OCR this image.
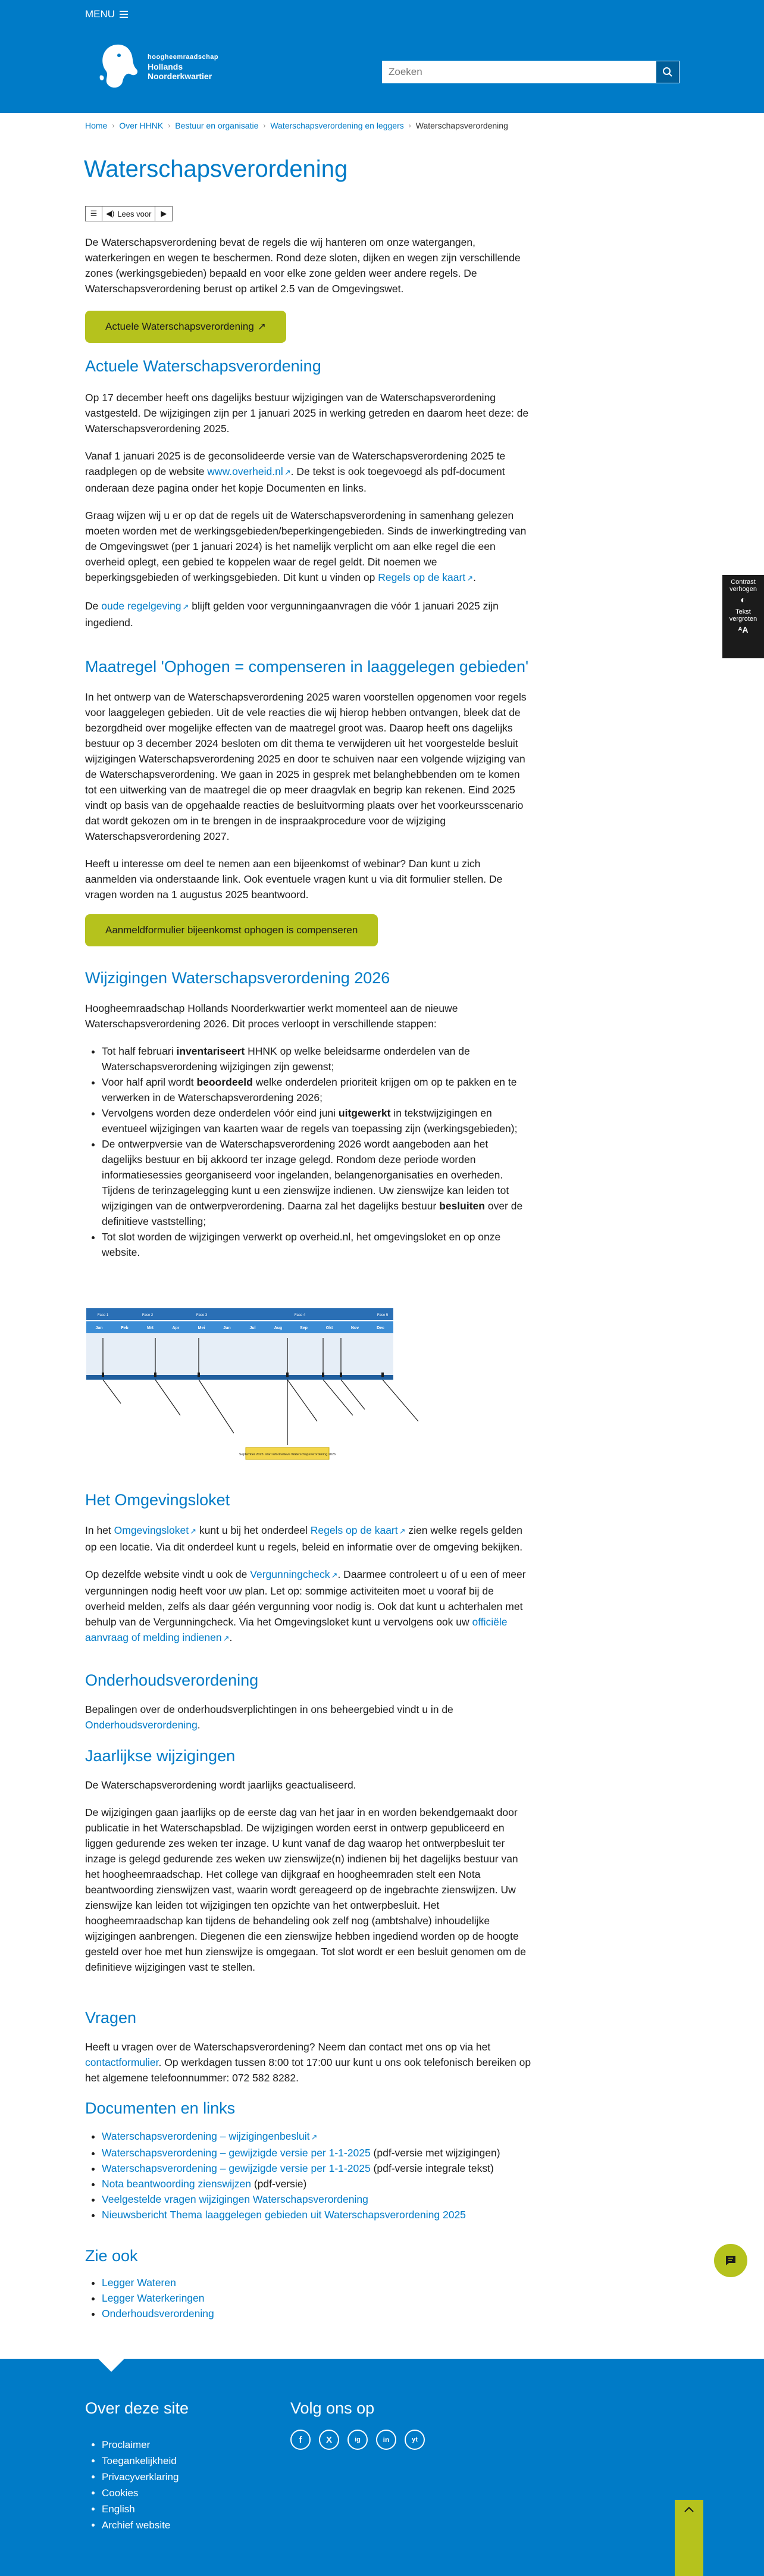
MENU
hoogheemraadschap
Hollands
Noorderkwartier
Zoeken
Home › Over HHNK › Bestuur en organisatie › Waterschapsverordening en leggers › Waterschapsverordening
Waterschapsverordening
☰	◀) Lees voor	▶

De Waterschapsverordening bevat de regels die wij hanteren om onze watergangen, waterkeringen en wegen te beschermen. Rond deze sloten, dijken en wegen zijn verschillende zones (werkingsgebieden) bepaald en voor elke zone gelden weer andere regels. De Waterschapsverordening berust op artikel 2.5 van de Omgevingswet.

Actuele Waterschapsverordening ↗
Actuele Waterschapsverordening

Op 17 december heeft ons dagelijks bestuur wijzigingen van de Waterschapsverordening vastgesteld. De wijzigingen zijn per 1 januari 2025 in werking getreden en daarom heet deze: de Waterschapsverordening 2025.

Vanaf 1 januari 2025 is de geconsolideerde versie van de Waterschapsverordening 2025 te raadplegen op de website www.overheid.nl ↗. De tekst is ook toegevoegd als pdf-document onderaan deze pagina onder het kopje Documenten en links.

Graag wijzen wij u er op dat de regels uit de Waterschapsverordening in samenhang gelezen moeten worden met de werkingsgebieden/beperkingengebieden. Sinds de inwerkingtreding van de Omgevingswet (per 1 januari 2024) is het namelijk verplicht om aan elke regel die een overheid oplegt, een gebied te koppelen waar de regel geldt. Dit noemen we beperkingsgebieden of werkingsgebieden. Dit kunt u vinden op Regels op de kaart ↗.

De oude regelgeving ↗ blijft gelden voor vergunningaanvragen die vóór 1 januari 2025 zijn ingediend.

Maatregel 'Ophogen = compenseren in laaggelegen gebieden'

In het ontwerp van de Waterschapsverordening 2025 waren voorstellen opgenomen voor regels voor laaggelegen gebieden. Uit de vele reacties die wij hierop hebben ontvangen, bleek dat de bezorgdheid over mogelijke effecten van de maatregel groot was. Daarop heeft ons dagelijks bestuur op 3 december 2024 besloten om dit thema te verwijderen uit het voorgestelde besluit wijzigingen Waterschapsverordening 2025 en door te schuiven naar een volgende wijziging van de Waterschapsverordening. We gaan in 2025 in gesprek met belanghebbenden om te komen tot een uitwerking van de maatregel die op meer draagvlak en begrip kan rekenen. Eind 2025 vindt op basis van de opgehaalde reacties de besluitvorming plaats over het voorkeursscenario dat wordt gekozen om in te brengen in de inspraakprocedure voor de wijziging Waterschapsverordening 2027.

Heeft u interesse om deel te nemen aan een bijeenkomst of webinar? Dan kunt u zich aanmelden via onderstaande link. Ook eventuele vragen kunt u via dit formulier stellen. De vragen worden na 1 augustus 2025 beantwoord.

Aanmeldformulier bijeenkomst ophogen is compenseren
Wijzigingen Waterschapsverordening 2026

Hoogheemraadschap Hollands Noorderkwartier werkt momenteel aan de nieuwe Waterschapsverordening 2026. Dit proces verloopt in verschillende stappen:

• Tot half februari inventariseert HHNK op welke beleidsarme onderdelen van de Waterschapsverordening wijzigingen zijn gewenst;
• Voor half april wordt beoordeeld welke onderdelen prioriteit krijgen om op te pakken en te verwerken in de Waterschapsverordening 2026;
• Vervolgens worden deze onderdelen vóór eind juni uitgewerkt in tekstwijzigingen en eventueel wijzigingen van kaarten waar de regels van toepassing zijn (werkingsgebieden);
• De ontwerpversie van de Waterschapsverordening 2026 wordt aangeboden aan het dagelijks bestuur en bij akkoord ter inzage gelegd. Rondom deze periode worden informatiesessies georganiseerd voor ingelanden, belangenorganisaties en overheden. Tijdens de terinzagelegging kunt u een zienswijze indienen. Uw zienswijze kan leiden tot wijzigingen van de ontwerpverordening. Daarna zal het dagelijks bestuur besluiten over de definitieve vaststelling;
• Tot slot worden de wijzigingen verwerkt op overheid.nl, het omgevingsloket en op onze website.
Fase 1	Fase 2	Fase 3	Fase 4	Fase 5
Jan	Feb	Mrt	Apr	Mei	Jun	Jul	Aug	Sep	Okt	Nov	Dec
September 2025: start informatieve Waterschapsverordening 2026
Het Omgevingsloket

In het Omgevingsloket ↗ kunt u bij het onderdeel Regels op de kaart ↗ zien welke regels gelden op een locatie. Via dit onderdeel kunt u regels, beleid en informatie over de omgeving bekijken.

Op dezelfde website vindt u ook de Vergunningcheck ↗. Daarmee controleert u of u een of meer vergunningen nodig heeft voor uw plan. Let op: sommige activiteiten moet u vooraf bij de overheid melden, zelfs als daar géén vergunning voor nodig is. Ook dat kunt u achterhalen met behulp van de Vergunningcheck. Via het Omgevingsloket kunt u vervolgens ook uw officiële aanvraag of melding indienen ↗.

Onderhoudsverordening

Bepalingen over de onderhoudsverplichtingen in ons beheergebied vindt u in de Onderhoudsverordening.

Jaarlijkse wijzigingen

De Waterschapsverordening wordt jaarlijks geactualiseerd.

De wijzigingen gaan jaarlijks op de eerste dag van het jaar in en worden bekendgemaakt door publicatie in het Waterschapsblad. De wijzigingen worden eerst in ontwerp gepubliceerd en liggen gedurende zes weken ter inzage. U kunt vanaf de dag waarop het ontwerpbesluit ter inzage is gelegd gedurende zes weken uw zienswijze(n) indienen bij het dagelijks bestuur van het hoogheemraadschap. Het college van dijkgraaf en hoogheemraden stelt een Nota beantwoording zienswijzen vast, waarin wordt gereageerd op de ingebrachte zienswijzen. Uw zienswijze kan leiden tot wijzigingen ten opzichte van het ontwerpbesluit. Het hoogheemraadschap kan tijdens de behandeling ook zelf nog (ambtshalve) inhoudelijke wijzigingen aanbrengen. Diegenen die een zienswijze hebben ingediend worden op de hoogte gesteld over hoe met hun zienswijze is omgegaan. Tot slot wordt er een besluit genomen om de definitieve wijzigingen vast te stellen.

Vragen

Heeft u vragen over de Waterschapsverordening? Neem dan contact met ons op via het contactformulier. Op werkdagen tussen 8:00 tot 17:00 uur kunt u ons ook telefonisch bereiken op het algemene telefoonnummer: 072 582 8282.

Documenten en links
• Waterschapsverordening – wijzigingenbesluit ↗
• Waterschapsverordening – gewijzigde versie per 1-1-2025 (pdf-versie met wijzigingen)
• Waterschapsverordening – gewijzigde versie per 1-1-2025 (pdf-versie integrale tekst)
• Nota beantwoording zienswijzen (pdf-versie)
• Veelgestelde vragen wijzigingen Waterschapsverordening
• Nieuwsbericht Thema laaggelegen gebieden uit Waterschapsverordening 2025
Zie ook
• Legger Wateren
• Legger Waterkeringen
• Onderhoudsverordening
Contrast verhogen
◐
Tekst vergroten
ᴬA
Over deze site
• Proclaimer
• Toegankelijkheid
• Privacyverklaring
• Cookies
• English
• Archief website
Volg ons op
f	X	ig	in	yt
